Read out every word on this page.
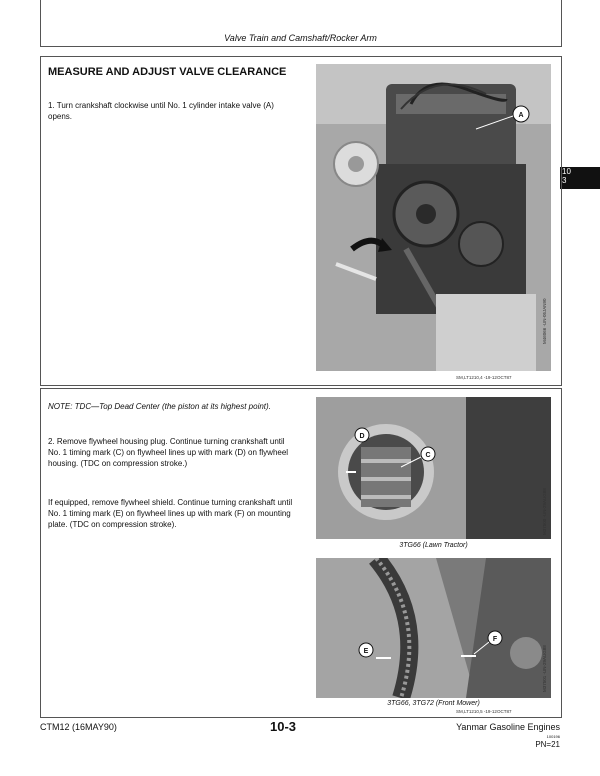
Valve Train and Camshaft/Rocker Arm
10
3
MEASURE AND ADJUST VALVE CLEARANCE
1. Turn crankshaft clockwise until No. 1 cylinder intake valve (A) opens.	A
M46066 -UN-05JAN90
SM,LT1210,4 -19-12OCT87
NOTE: TDC—Top Dead Center (the piston at its highest point).
2. Remove flywheel housing plug. Continue turning crankshaft until No. 1 timing mark (C) on flywheel lines up with mark (D) on flywheel housing. (TDC on compression stroke.)
If equipped, remove flywheel shield. Continue turning crankshaft until No. 1 timing mark (E) on flywheel lines up with mark (F) on mounting plate. (TDC on compression stroke).
D
C
M37500 -UN-29AUG88
3TG66 (Lawn Tractor)
E
F
M37501 -UN-29AUG88
3TG66, 3TG72 (Front Mower)
SM,LT1210,5 -19-12OCT87
CTM12 (16MAY90)	10-3	Yanmar Gasoline Engines
100196
PN=21
